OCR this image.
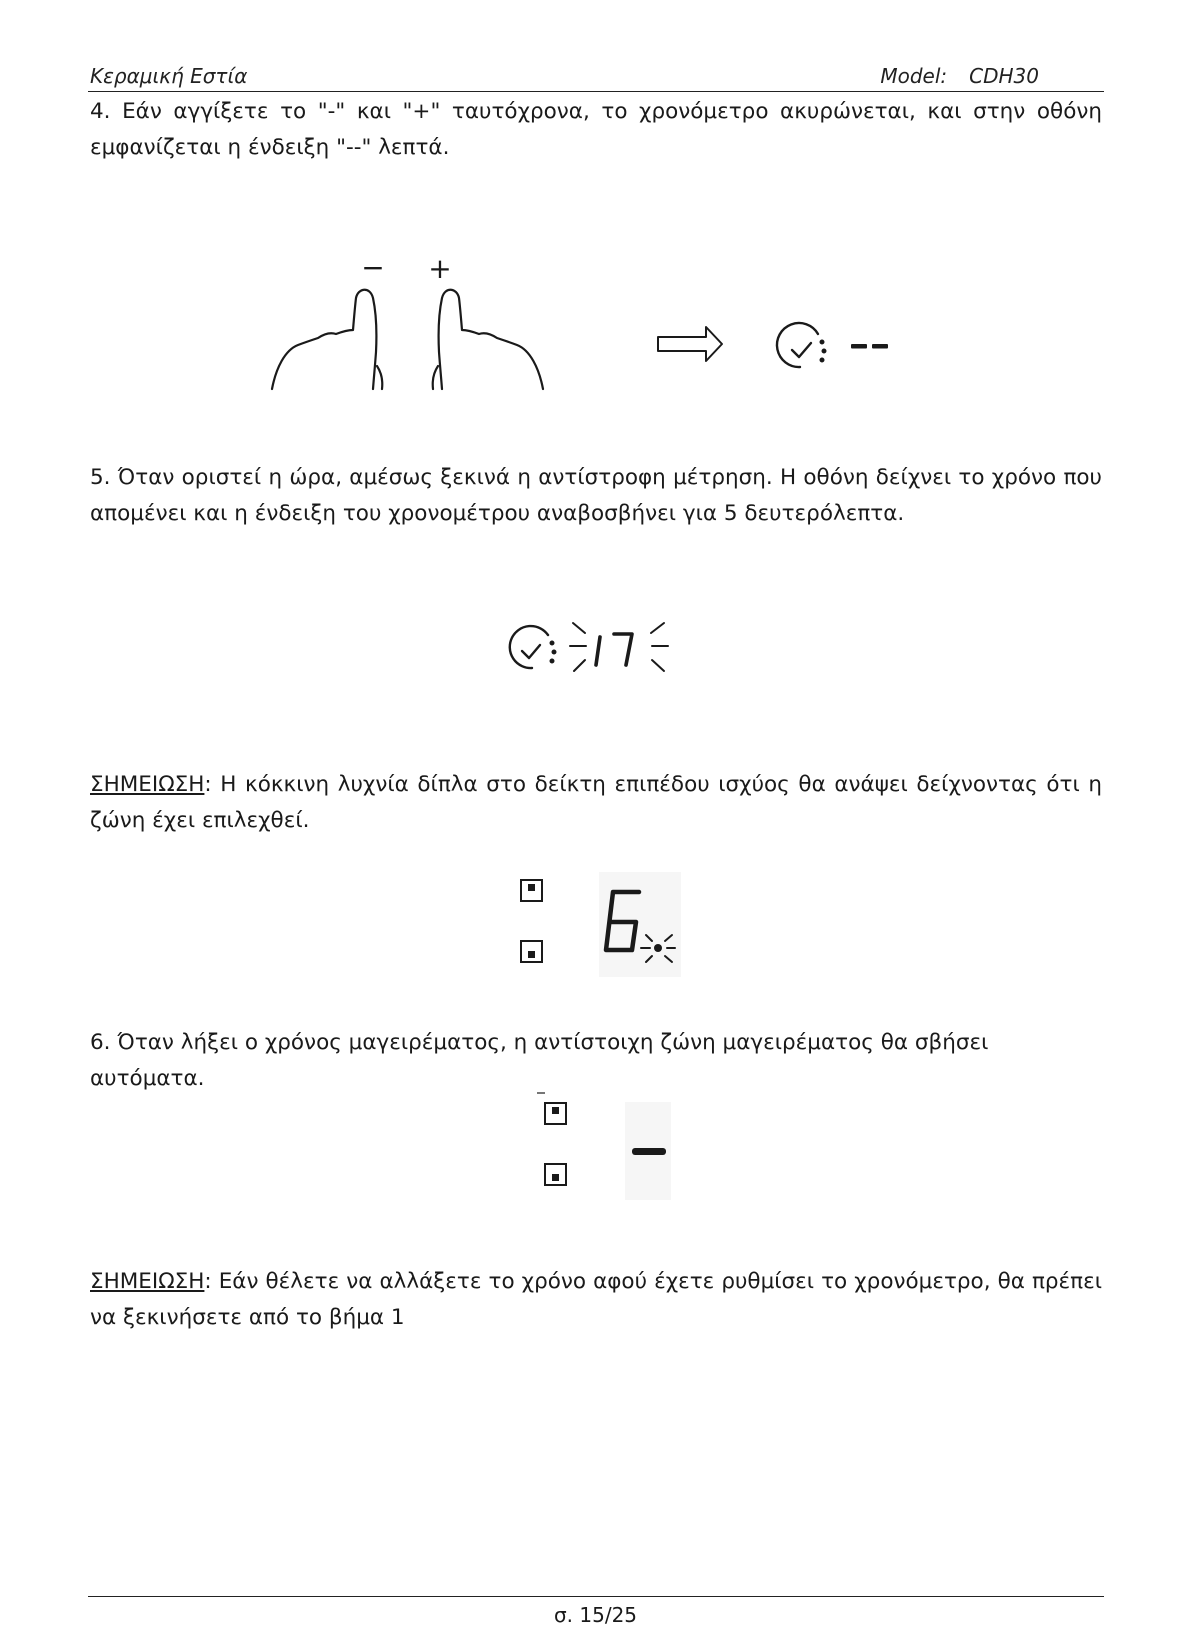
Κεραμική Εστία	Model: CDH30
4. Εάν αγγίξετε το "-" και "+" ταυτόχρονα, το χρονόμετρο ακυρώνεται, και στην οθόνη εμφανίζεται η ένδειξη "--" λεπτά.
− +
5. Όταν οριστεί η ώρα, αμέσως ξεκινά η αντίστροφη μέτρηση. Η οθόνη δείχνει το χρόνο που απομένει και η ένδειξη του χρονομέτρου αναβοσβήνει για 5 δευτερόλεπτα.
ΣΗΜΕΙΩΣΗ: Η κόκκινη λυχνία δίπλα στο δείκτη επιπέδου ισχύος θα ανάψει δείχνοντας ότι η ζώνη έχει επιλεχθεί.
6. Όταν λήξει ο χρόνος μαγειρέματος, η αντίστοιχη ζώνη μαγειρέματος θα σβήσει αυτόματα.
ΣΗΜΕΙΩΣΗ: Εάν θέλετε να αλλάξετε το χρόνο αφού έχετε ρυθμίσει το χρονόμετρο, θα πρέπει να ξεκινήσετε από το βήμα 1
σ. 15/25
